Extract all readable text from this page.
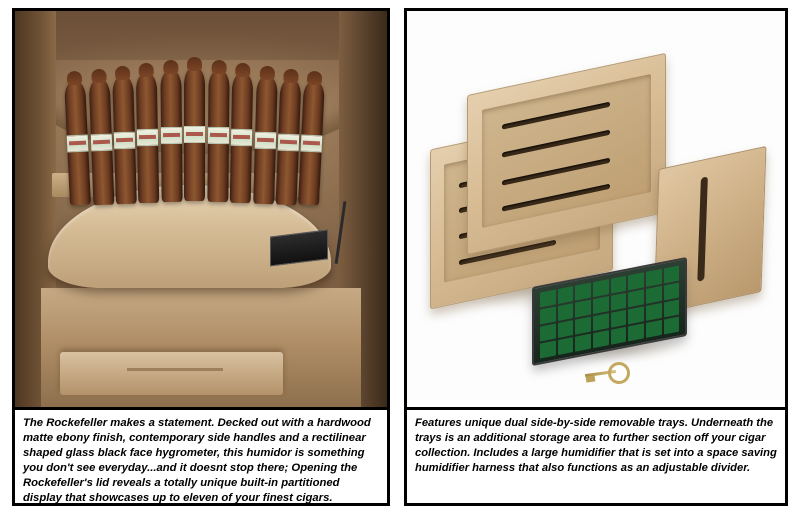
The Rockefeller makes a statement. Decked out with a hardwood matte ebony finish, contemporary side handles and a rectilinear shaped glass black face hygrometer, this humidor is something you don't see everyday...and it doesnt stop there; Opening the Rockefeller's lid reveals a totally unique built-in partitioned display that showcases up to eleven of your finest cigars.
Features unique dual side-by-side removable trays. Underneath the trays is an additional storage area to further section off your cigar collection. Includes a large humidifier that is set into a space saving humidifier harness that also functions as an adjustable divider.
